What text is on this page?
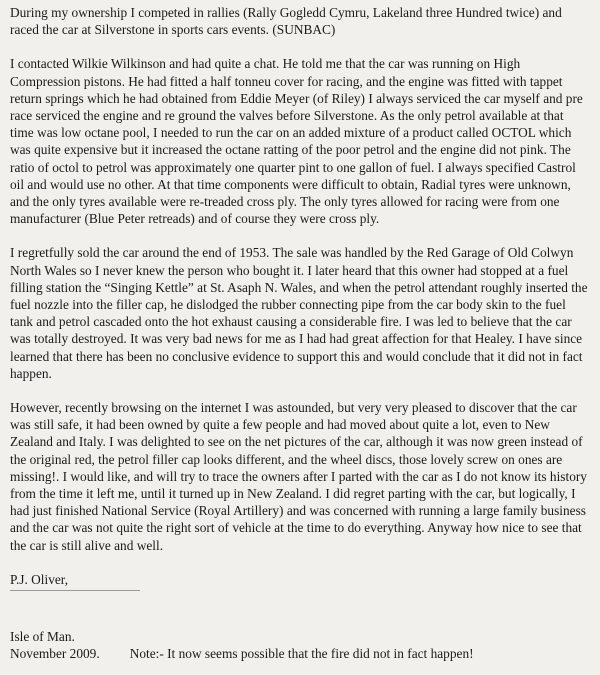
During my ownership I competed in rallies (Rally Gogledd Cymru, Lakeland three Hundred twice) and raced the car at Silverstone in sports cars events. (SUNBAC)

I contacted Wilkie Wilkinson and had quite a chat. He told me that the car was running on High Compression pistons. He had fitted a half tonneu cover for racing, and the engine was fitted with tappet return springs which he had obtained from Eddie Meyer (of Riley) I always serviced the car myself and pre race serviced the engine and re ground the valves before Silverstone. As the only petrol available at that time was low octane pool, I needed to run the car on an added mixture of a product called OCTOL which was quite expensive but it increased the octane ratting of the poor petrol and the engine did not pink. The ratio of octol to petrol was approximately one quarter pint to one gallon of fuel. I always specified Castrol oil and would use no other. At that time components were difficult to obtain, Radial tyres were unknown, and the only tyres available were re-treaded cross ply. The only tyres allowed for racing were from one manufacturer (Blue Peter retreads) and of course they were cross ply.

I regretfully sold the car around the end of 1953. The sale was handled by the Red Garage of Old Colwyn North Wales so I never knew the person who bought it. I later heard that this owner had stopped at a fuel filling station the “Singing Kettle” at St. Asaph N. Wales, and when the petrol attendant roughly inserted the fuel nozzle into the filler cap, he dislodged the rubber connecting pipe from the car body skin to the fuel tank and petrol cascaded onto the hot exhaust causing a considerable fire. I was led to believe that the car was totally destroyed. It was very bad news for me as I had had great affection for that Healey. I have since learned that there has been no conclusive evidence to support this and would conclude that it did not in fact happen.

However, recently browsing on the internet I was astounded, but very very pleased to discover that the car was still safe, it had been owned by quite a few people and had moved about quite a lot, even to New Zealand and Italy. I was delighted to see on the net pictures of the car, although it was now green instead of the original red, the petrol filler cap looks different, and the wheel discs, those lovely screw on ones are missing!. I would like, and will try to trace the owners after I parted with the car as I do not know its history from the time it left me, until it turned up in New Zealand. I did regret parting with the car, but logically, I had just finished National Service (Royal Artillery) and was concerned with running a large family business and the car was not quite the right sort of vehicle at the time to do everything. Anyway how nice to see that the car is still alive and well.

P.J. Oliver,
Isle of Man.
November 2009. Note:- It now seems possible that the fire did not in fact happen!
